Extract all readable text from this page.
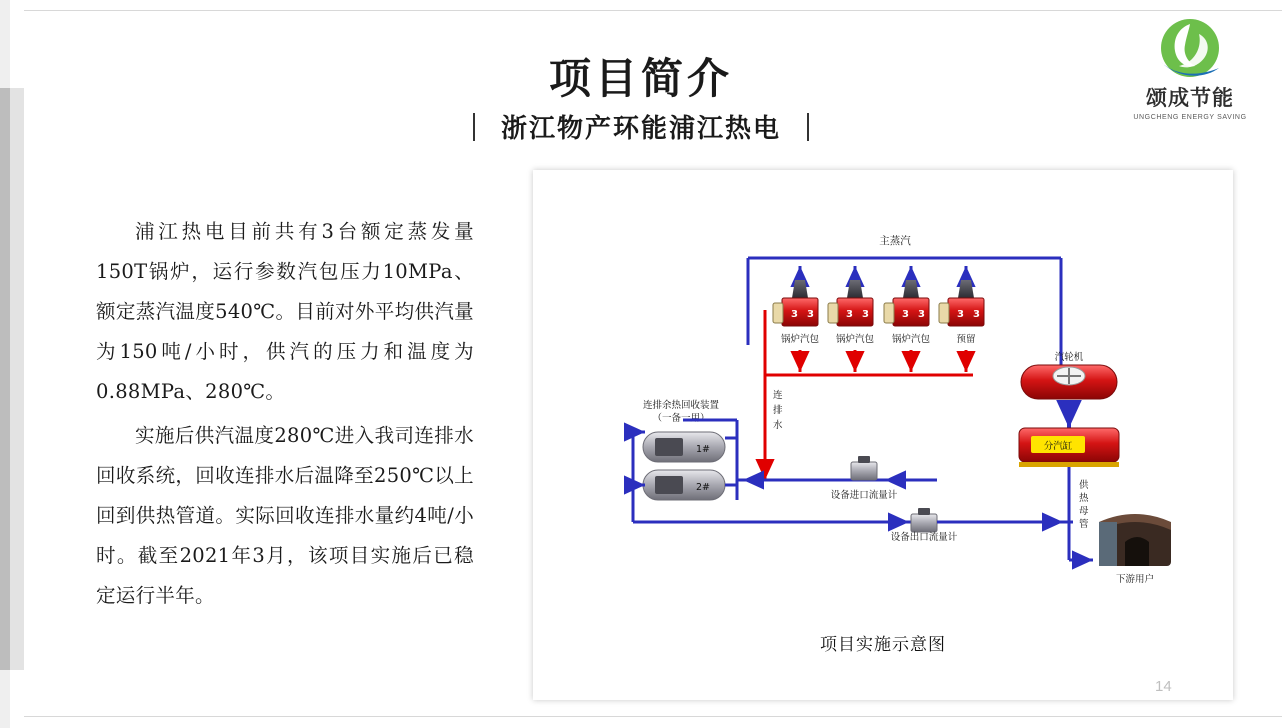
项目简介
浙江物产环能浦江热电
颂成节能
UNGCHENG ENERGY SAVING

浦江热电目前共有3台额定蒸发量150T锅炉，运行参数汽包压力10MPa、额定蒸汽温度540℃。目前对外平均供汽量为150吨/小时，供汽的压力和温度为0.88MPa、280℃。

实施后供汽温度280℃进入我司连排水回收系统，回收连排水后温降至250℃以上回到供热管道。实际回收连排水量约4吨/小时。截至2021年3月，该项目实施后已稳定运行半年。

主蒸汽
3 3	3 3	3 3	3 3
锅炉汽包 锅炉汽包 锅炉汽包	预留
连
排
水
连排余热回收装置
（一备一用）
1#
2#
设备进口流量计
设备出口流量计
汽轮机
分汽缸
供
热
母
管
下游用户
项目实施示意图
14
